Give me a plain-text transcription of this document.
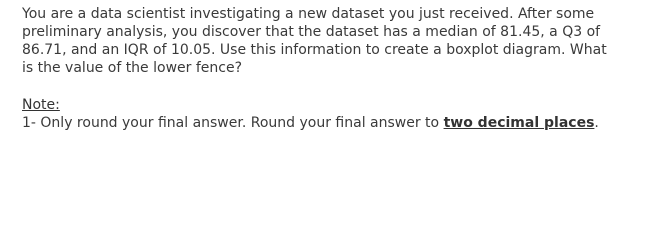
You are a data scientist investigating a new dataset you just received. After some preliminary analysis, you discover that the dataset has a median of 81.45, a Q3 of 86.71, and an IQR of 10.05. Use this information to create a boxplot diagram. What is the value of the lower fence?

Note:
1- Only round your final answer. Round your final answer to two decimal places.
